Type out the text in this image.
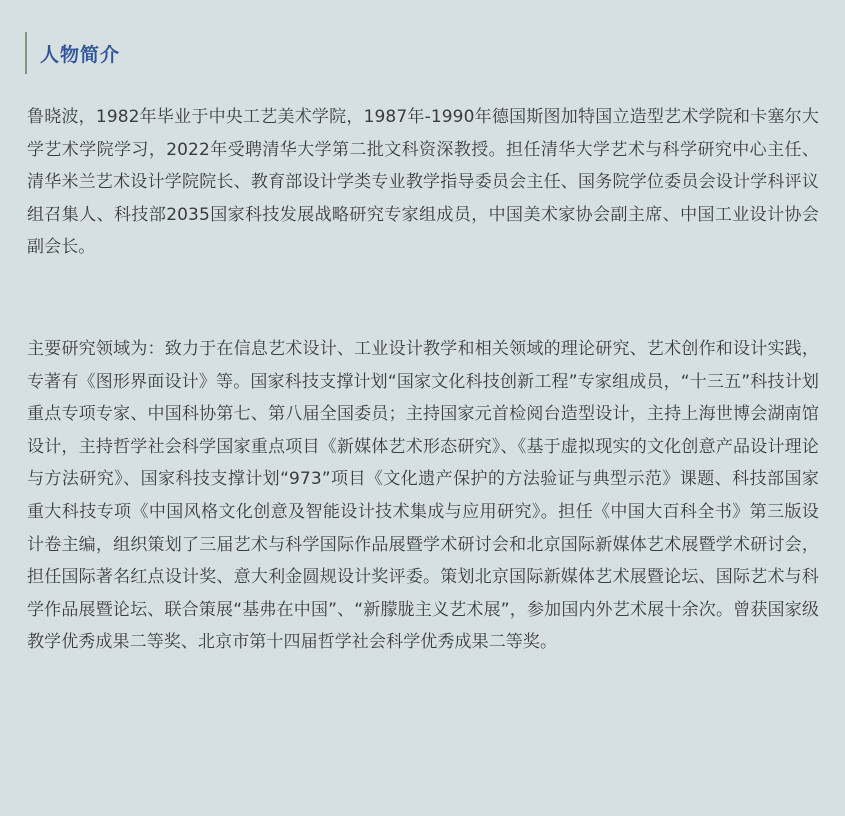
人物简介

鲁晓波，1982年毕业于中央工艺美术学院，1987年-1990年德国斯图加特国立造型艺术学院和卡塞尔大学艺术学院学习，2022年受聘清华大学第二批文科资深教授。担任清华大学艺术与科学研究中心主任、清华米兰艺术设计学院院长、教育部设计学类专业教学指导委员会主任、国务院学位委员会设计学科评议组召集人、科技部2035国家科技发展战略研究专家组成员，中国美术家协会副主席、中国工业设计协会副会长。

主要研究领域为：致力于在信息艺术设计、工业设计教学和相关领域的理论研究、艺术创作和设计实践，专著有《图形界面设计》等。国家科技支撑计划“国家文化科技创新工程”专家组成员，“十三五”科技计划重点专项专家、中国科协第七、第八届全国委员；主持国家元首检阅台造型设计，主持上海世博会湖南馆设计，主持哲学社会科学国家重点项目《新媒体艺术形态研究》、《基于虚拟现实的文化创意产品设计理论与方法研究》、国家科技支撑计划“973”项目《文化遗产保护的方法验证与典型示范》课题、科技部国家重大科技专项《中国风格文化创意及智能设计技术集成与应用研究》。担任《中国大百科全书》第三版设计卷主编，组织策划了三届艺术与科学国际作品展暨学术研讨会和北京国际新媒体艺术展暨学术研讨会，担任国际著名红点设计奖、意大利金圆规设计奖评委。策划北京国际新媒体艺术展暨论坛、国际艺术与科学作品展暨论坛、联合策展“基弗在中国”、“新朦胧主义艺术展”，参加国内外艺术展十余次。曾获国家级教学优秀成果二等奖、北京市第十四届哲学社会科学优秀成果二等奖。
